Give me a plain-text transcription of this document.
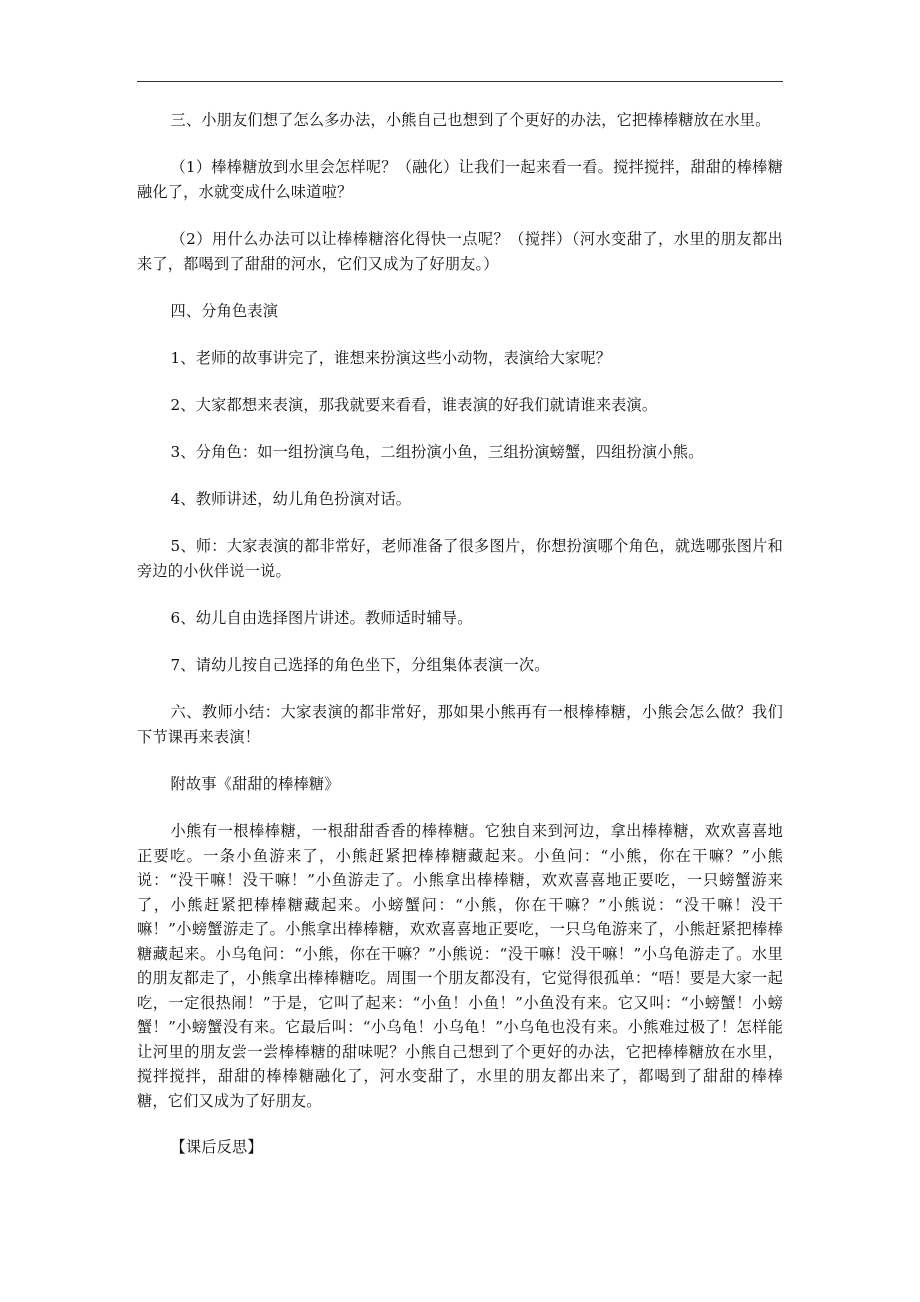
三、小朋友们想了怎么多办法，小熊自己也想到了个更好的办法，它把棒棒糖放在水里。

（1）棒棒糖放到水里会怎样呢？（融化）让我们一起来看一看。搅拌搅拌，甜甜的棒棒糖融化了，水就变成什么味道啦？

（2）用什么办法可以让棒棒糖溶化得快一点呢？（搅拌）（河水变甜了，水里的朋友都出来了，都喝到了甜甜的河水，它们又成为了好朋友。）

四、分角色表演

1、老师的故事讲完了，谁想来扮演这些小动物，表演给大家呢？

2、大家都想来表演，那我就要来看看，谁表演的好我们就请谁来表演。

3、分角色：如一组扮演乌龟，二组扮演小鱼，三组扮演螃蟹，四组扮演小熊。

4、教师讲述，幼儿角色扮演对话。

5、师：大家表演的都非常好，老师准备了很多图片，你想扮演哪个角色，就选哪张图片和旁边的小伙伴说一说。

6、幼儿自由选择图片讲述。教师适时辅导。

7、请幼儿按自己选择的角色坐下，分组集体表演一次。

六、教师小结：大家表演的都非常好，那如果小熊再有一根棒棒糖，小熊会怎么做？我们下节课再来表演！

附故事《甜甜的棒棒糖》

小熊有一根棒棒糖，一根甜甜香香的棒棒糖。它独自来到河边，拿出棒棒糖，欢欢喜喜地正要吃。一条小鱼游来了，小熊赶紧把棒棒糖藏起来。小鱼问：“小熊，你在干嘛？”小熊说：“没干嘛！没干嘛！”小鱼游走了。小熊拿出棒棒糖，欢欢喜喜地正要吃，一只螃蟹游来了，小熊赶紧把棒棒糖藏起来。小螃蟹问：“小熊，你在干嘛？”小熊说：“没干嘛！没干嘛！”小螃蟹游走了。小熊拿出棒棒糖，欢欢喜喜地正要吃，一只乌龟游来了，小熊赶紧把棒棒糖藏起来。小乌龟问：“小熊，你在干嘛？”小熊说：“没干嘛！没干嘛！”小乌龟游走了。水里的朋友都走了，小熊拿出棒棒糖吃。周围一个朋友都没有，它觉得很孤单：“唔！要是大家一起吃，一定很热闹！”于是，它叫了起来：“小鱼！小鱼！”小鱼没有来。它又叫：“小螃蟹！小螃蟹！”小螃蟹没有来。它最后叫：“小乌龟！小乌龟！”小乌龟也没有来。小熊难过极了！怎样能让河里的朋友尝一尝棒棒糖的甜味呢？小熊自己想到了个更好的办法，它把棒棒糖放在水里，搅拌搅拌，甜甜的棒棒糖融化了，河水变甜了，水里的朋友都出来了，都喝到了甜甜的棒棒糖，它们又成为了好朋友。

【课后反思】
